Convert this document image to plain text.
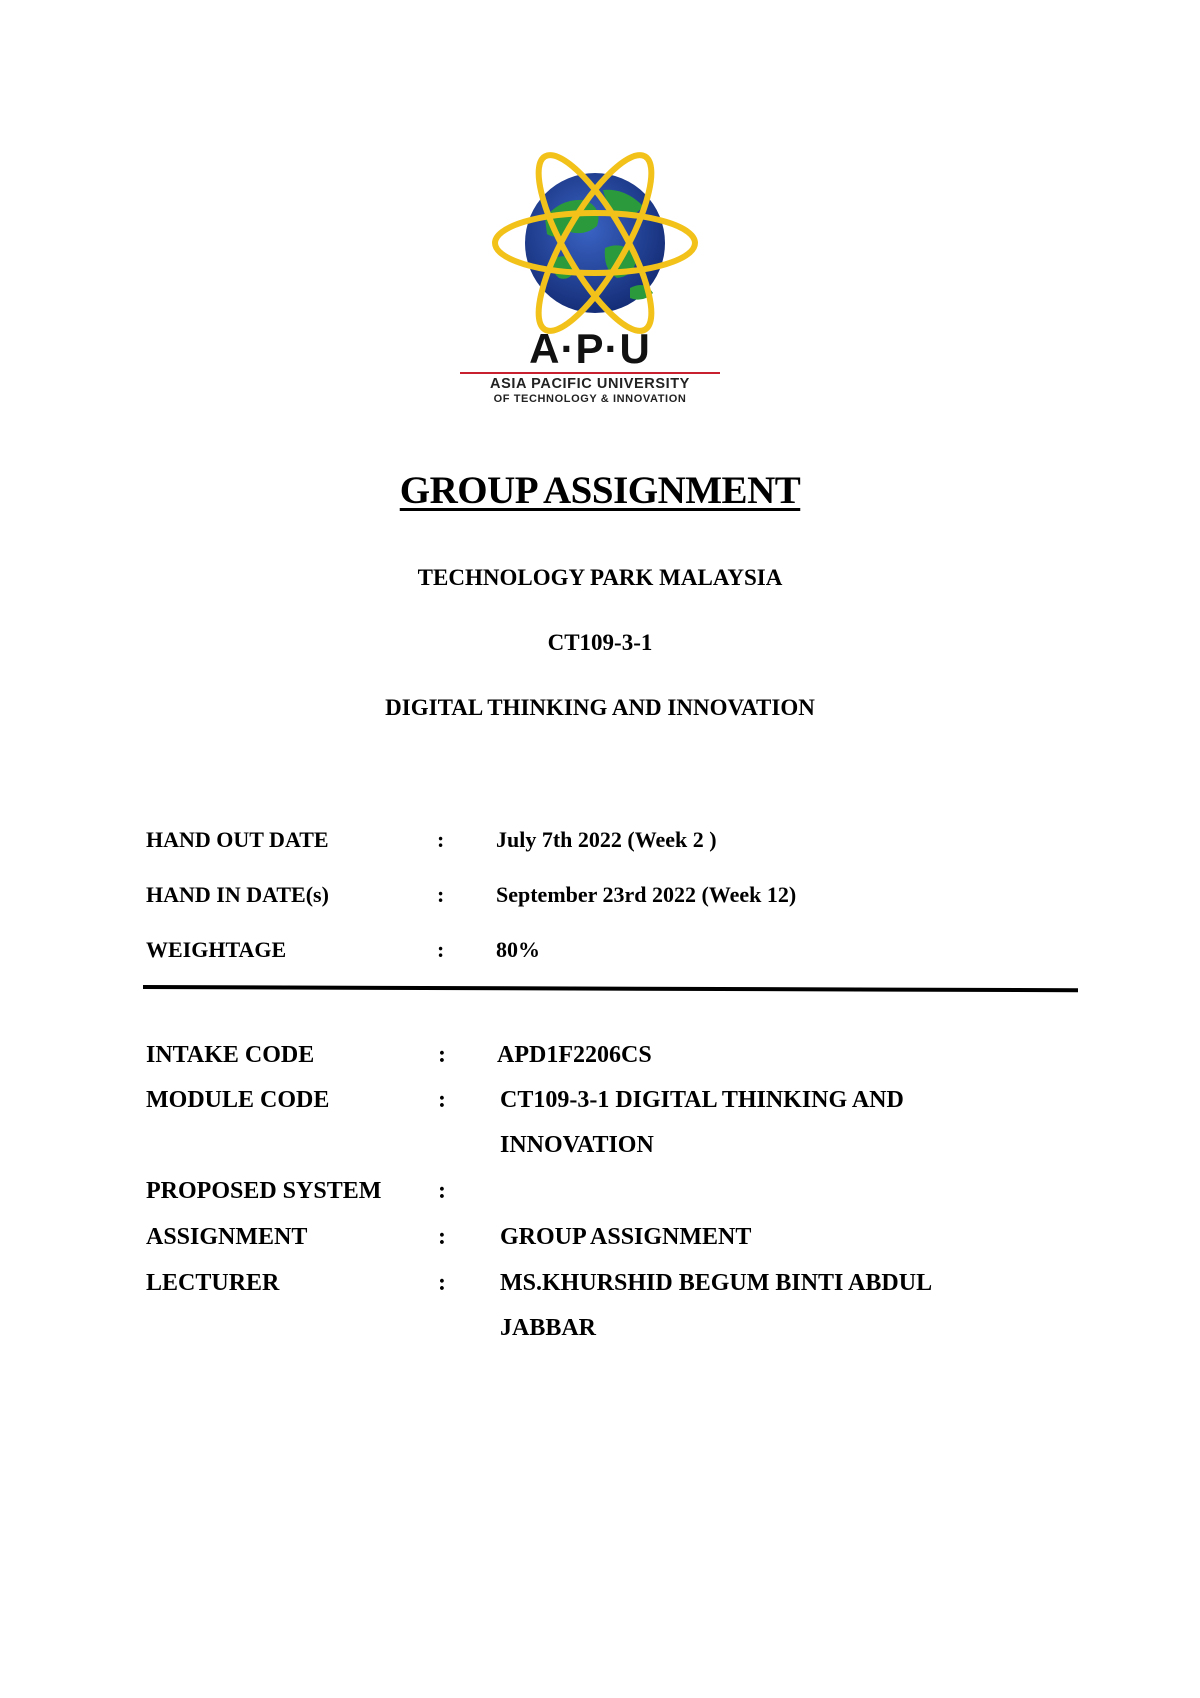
A·P·U
ASIA PACIFIC UNIVERSITY
OF TECHNOLOGY & INNOVATION
GROUP ASSIGNMENT
TECHNOLOGY PARK MALAYSIA
CT109-3-1
DIGITAL THINKING AND INNOVATION
HAND OUT DATE	: July 7th 2022 (Week 2 )
HAND IN DATE(s)	: September 23rd 2022 (Week 12)
WEIGHTAGE	: 80%
INTAKE CODE	: APD1F2206CS
MODULE CODE	: CT109-3-1 DIGITAL THINKING AND
INNOVATION
PROPOSED SYSTEM :
ASSIGNMENT	: GROUP ASSIGNMENT
LECTURER	: MS.KHURSHID BEGUM BINTI ABDUL
JABBAR
